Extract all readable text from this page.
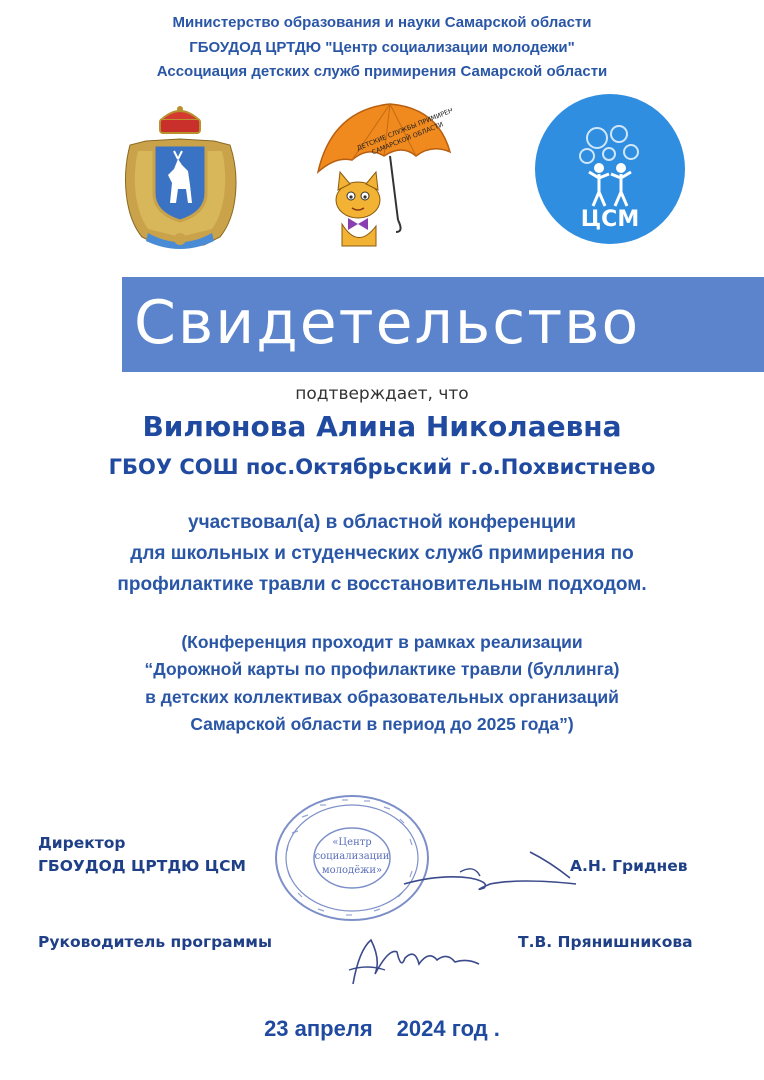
Министерство образования и науки Самарской области
ГБОУДОД ЦРТДЮ "Центр социализации молодежи"
Ассоциация детских служб примирения Самарской области
ДЕТСКИЕ СЛУЖБЫ ПРИМИРЕНИЯ
САМАРСКОЙ ОБЛАСТИ
ЦСМ
Свидетельство
подтверждает, что
Вилюнова Алина Николаевна
ГБОУ СОШ пос.Октябрьский г.о.Похвистнево
участвовал(а) в областной конференции
для школьных и студенческих служб примирения по
профилактике травли с восстановительным подходом.
(Конференция проходит в рамках реализации
“Дорожной карты по профилактике травли (буллинга)
в детских коллективах образовательных организаций
Самарской области в период до 2025 года”)
«Центр
социализации
молодёжи»
Директор
ГБОУДОД ЦРТДЮ ЦСМ	А.Н. Гриднев
Руководитель программы	Т.В. Прянишникова
23 апреля 2024 год .
